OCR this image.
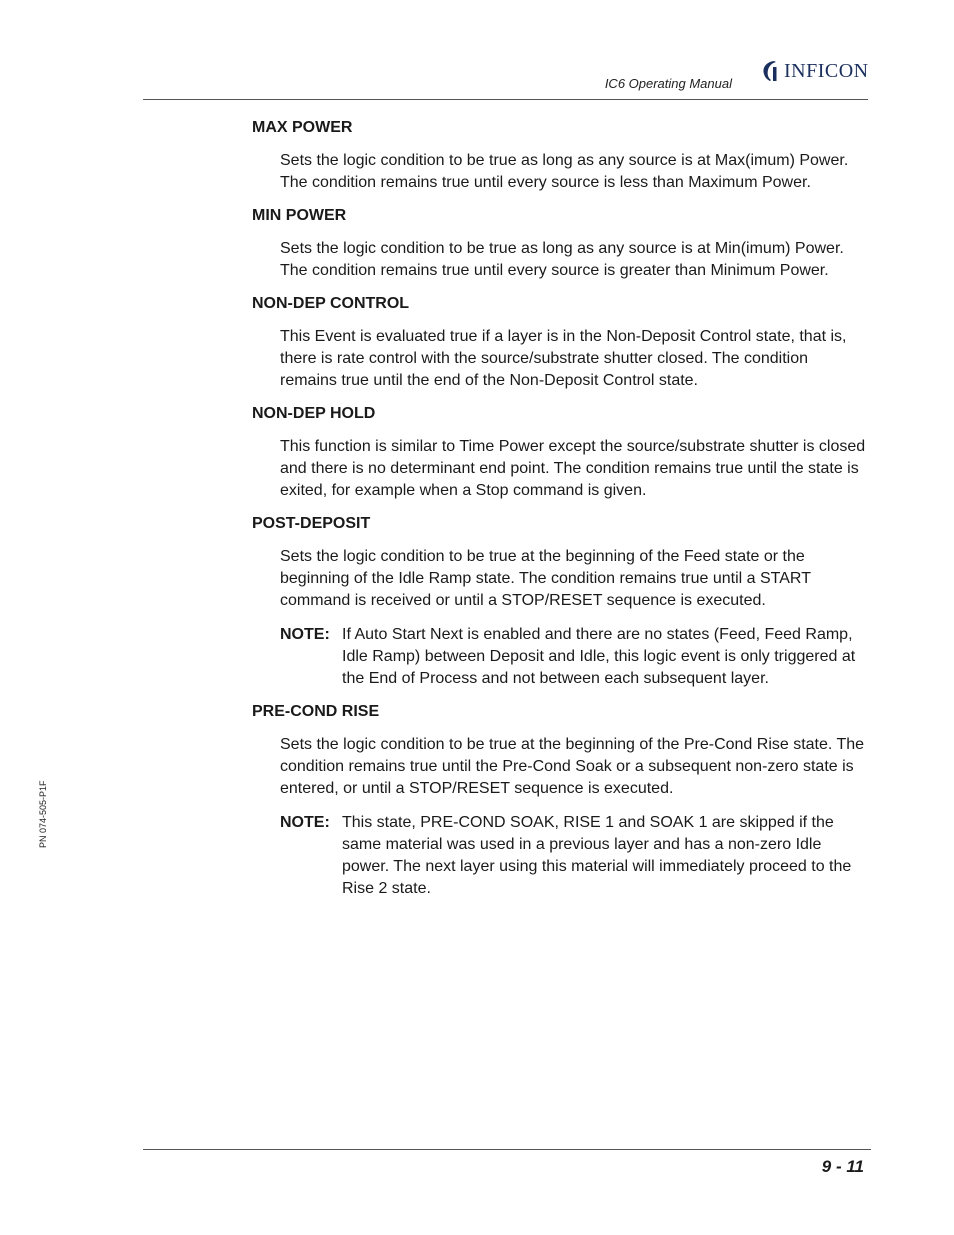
IC6 Operating Manual
INFICON
PN 074-505-P1F

MAX POWER

Sets the logic condition to be true as long as any source is at Max(imum) Power. The condition remains true until every source is less than Maximum Power.

MIN POWER

Sets the logic condition to be true as long as any source is at Min(imum) Power. The condition remains true until every source is greater than Minimum Power.

NON-DEP CONTROL

This Event is evaluated true if a layer is in the Non-Deposit Control state, that is, there is rate control with the source/substrate shutter closed. The condition remains true until the end of the Non-Deposit Control state.

NON-DEP HOLD

This function is similar to Time Power except the source/substrate shutter is closed and there is no determinant end point. The condition remains true until the state is exited, for example when a Stop command is given.

POST-DEPOSIT

Sets the logic condition to be true at the beginning of the Feed state or the beginning of the Idle Ramp state. The condition remains true until a START command is received or until a STOP/RESET sequence is executed.

NOTE: If Auto Start Next is enabled and there are no states (Feed, Feed Ramp, Idle Ramp) between Deposit and Idle, this logic event is only triggered at the End of Process and not between each subsequent layer.

PRE-COND RISE

Sets the logic condition to be true at the beginning of the Pre-Cond Rise state. The condition remains true until the Pre-Cond Soak or a subsequent non-zero state is entered, or until a STOP/RESET sequence is executed.

NOTE: This state, PRE-COND SOAK, RISE 1 and SOAK 1 are skipped if the same material was used in a previous layer and has a non-zero Idle power. The next layer using this material will immediately proceed to the Rise 2 state.
9 - 11
